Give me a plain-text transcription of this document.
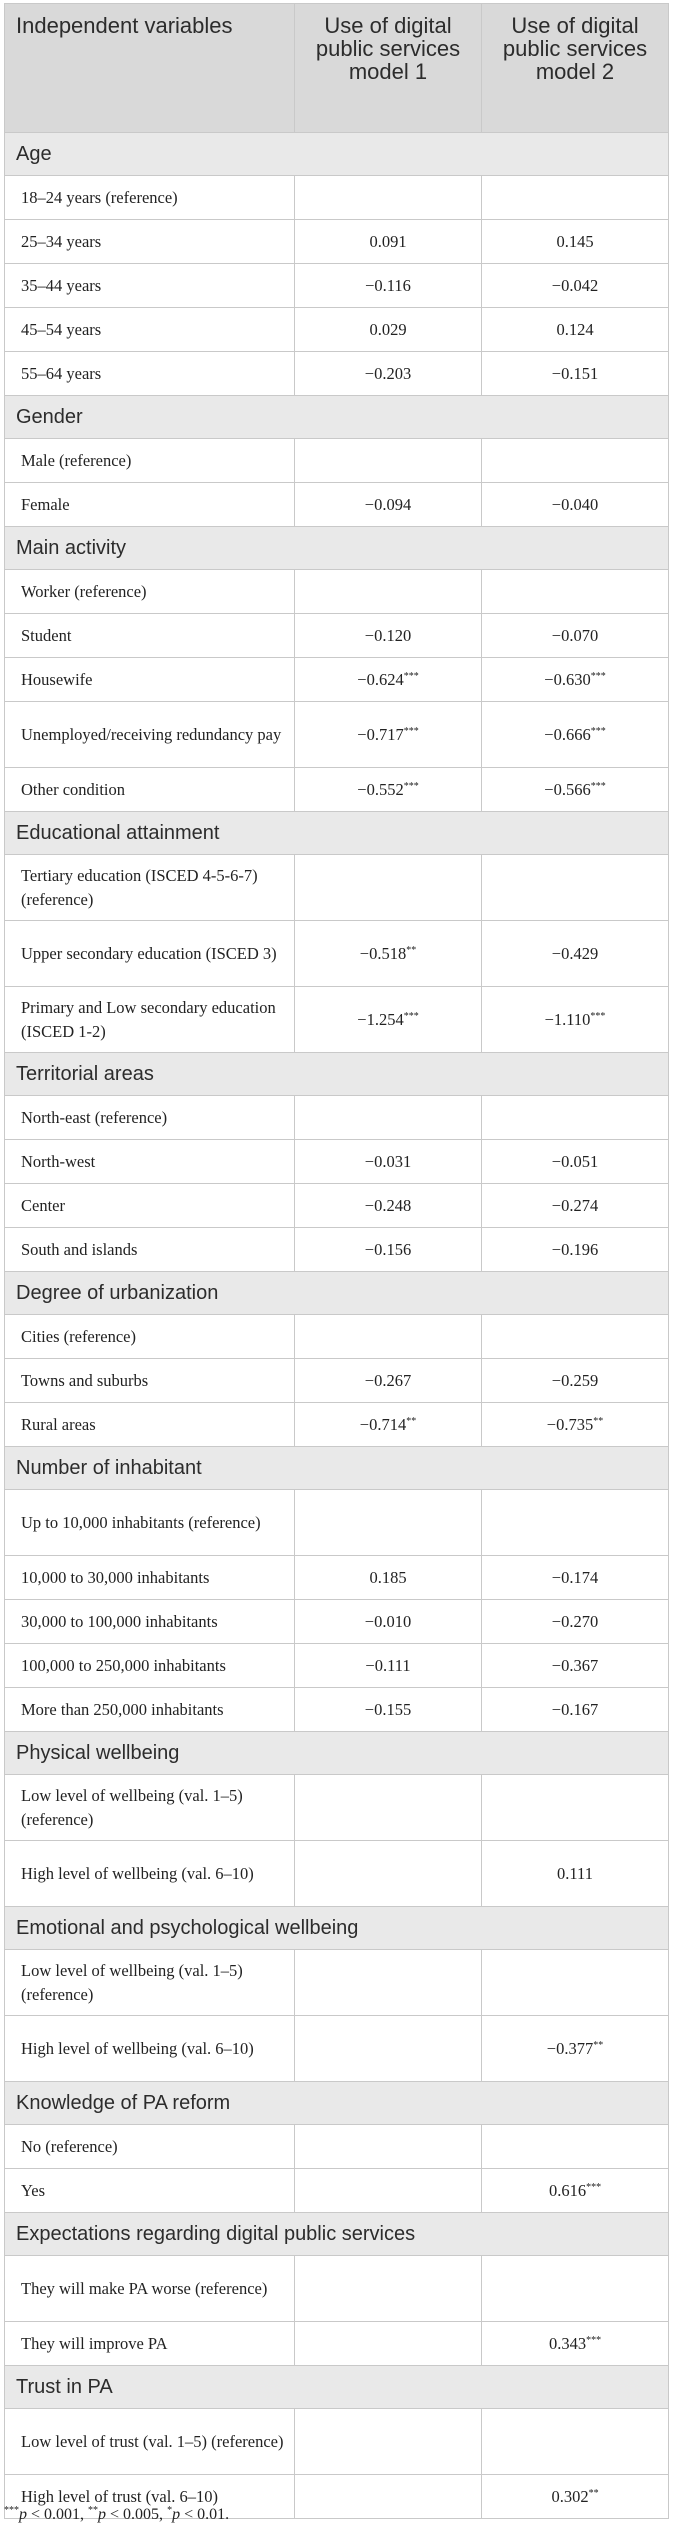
Independent variables	Use of digital public services model 1	Use of digital public services model 2
Age		
18–24 years (reference)		
25–34 years	0.091	0.145
35–44 years	−0.116	−0.042
45–54 years	0.029	0.124
55–64 years	−0.203	−0.151
Gender		
Male (reference)		
Female	−0.094	−0.040
Main activity		
Worker (reference)		
Student	−0.120	−0.070
Housewife	−0.624***	−0.630***
Unemployed/receiving redundancy pay	−0.717***	−0.666***
Other condition	−0.552***	−0.566***
Educational attainment		
Tertiary education (ISCED 4-5-6-7) (reference)		
Upper secondary education (ISCED 3)	−0.518**	−0.429
Primary and Low secondary education (ISCED 1-2)	−1.254***	−1.110***
Territorial areas		
North-east (reference)		
North-west	−0.031	−0.051
Center	−0.248	−0.274
South and islands	−0.156	−0.196
Degree of urbanization		
Cities (reference)		
Towns and suburbs	−0.267	−0.259
Rural areas	−0.714**	−0.735**
Number of inhabitant		
Up to 10,000 inhabitants (reference)		
10,000 to 30,000 inhabitants	0.185	−0.174
30,000 to 100,000 inhabitants	−0.010	−0.270
100,000 to 250,000 inhabitants	−0.111	−0.367
More than 250,000 inhabitants	−0.155	−0.167
Physical wellbeing		
Low level of wellbeing (val. 1–5) (reference)		
High level of wellbeing (val. 6–10)		0.111
Emotional and psychological wellbeing		
Low level of wellbeing (val. 1–5) (reference)		
High level of wellbeing (val. 6–10)		−0.377**
Knowledge of PA reform		
No (reference)		
Yes		0.616***
Expectations regarding digital public services		
They will make PA worse (reference)		
They will improve PA		0.343***
Trust in PA		
Low level of trust (val. 1–5) (reference)		
High level of trust (val. 6–10)		0.302**
***p < 0.001, **p < 0.005, *p < 0.01.
